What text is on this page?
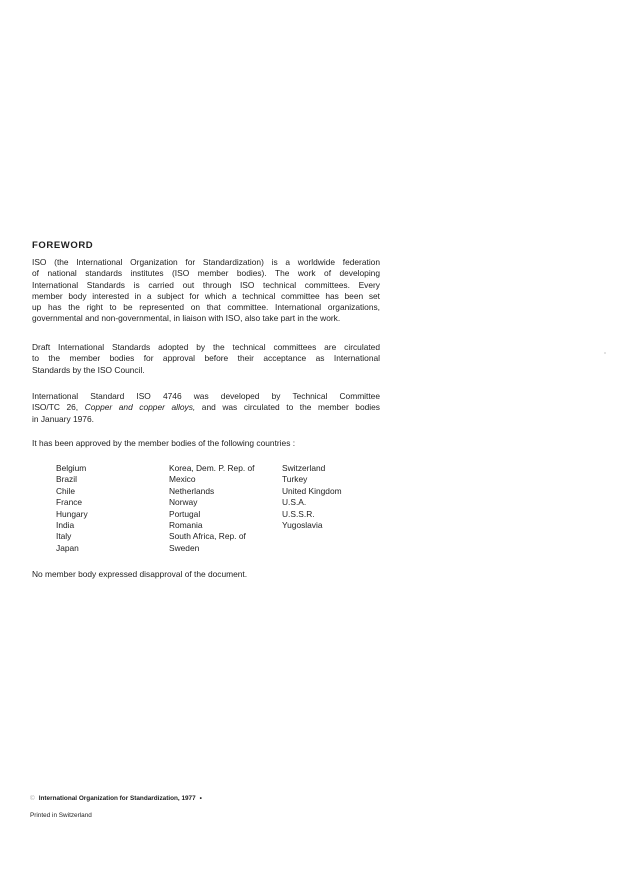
FOREWORD
ISO (the International Organization for Standardization) is a worldwide federation
of national standards institutes (ISO member bodies). The work of developing
International Standards is carried out through ISO technical committees. Every
member body interested in a subject for which a technical committee has been set
up has the right to be represented on that committee. International organizations,
governmental and non-governmental, in liaison with ISO, also take part in the work.
Draft International Standards adopted by the technical committees are circulated
to the member bodies for approval before their acceptance as International
Standards by the ISO Council.
International Standard ISO 4746 was developed by Technical Committee
ISO/TC 26, Copper and copper alloys, and was circulated to the member bodies
in January 1976.
It has been approved by the member bodies of the following countries :
Belgium
Brazil
Chile
France
Hungary
India
Italy
Japan
Korea, Dem. P. Rep. of
Mexico
Netherlands
Norway
Portugal
Romania
South Africa, Rep. of
Sweden
Switzerland
Turkey
United Kingdom
U.S.A.
U.S.S.R.
Yugoslavia
No member body expressed disapproval of the document.
© International Organization for Standardization, 1977 •
Printed in Switzerland
